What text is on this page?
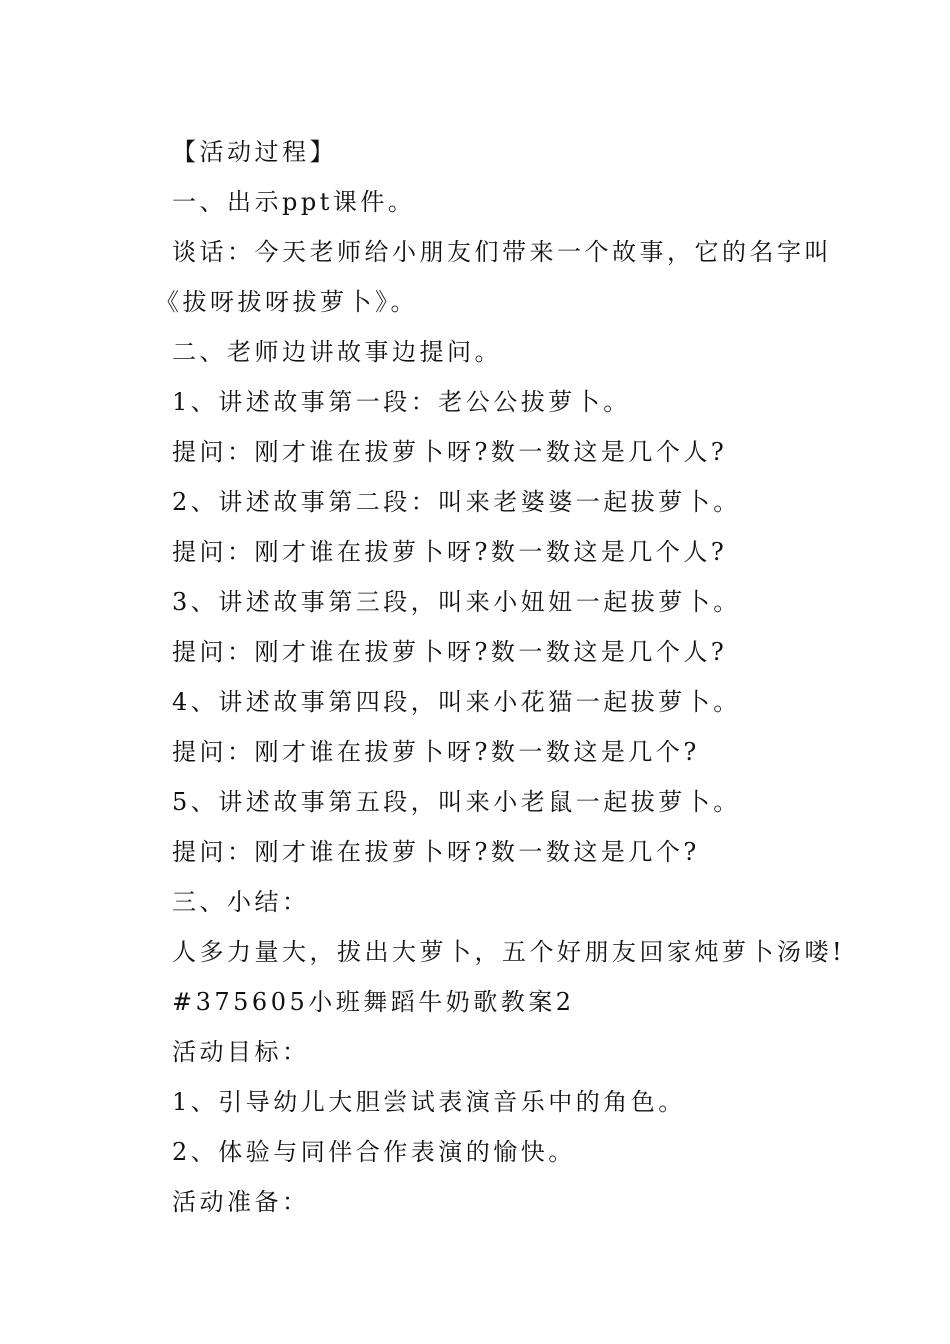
【活动过程】
一、出示ppt课件。
谈话：今天老师给小朋友们带来一个故事，它的名字叫
《拔呀拔呀拔萝卜》。
二、老师边讲故事边提问。
1、讲述故事第一段：老公公拔萝卜。
提问：刚才谁在拔萝卜呀?数一数这是几个人?
2、讲述故事第二段：叫来老婆婆一起拔萝卜。
提问：刚才谁在拔萝卜呀?数一数这是几个人?
3、讲述故事第三段，叫来小妞妞一起拔萝卜。
提问：刚才谁在拔萝卜呀?数一数这是几个人?
4、讲述故事第四段，叫来小花猫一起拔萝卜。
提问：刚才谁在拔萝卜呀?数一数这是几个?
5、讲述故事第五段，叫来小老鼠一起拔萝卜。
提问：刚才谁在拔萝卜呀?数一数这是几个?
三、小结：
人多力量大，拔出大萝卜，五个好朋友回家炖萝卜汤喽!
#375605小班舞蹈牛奶歌教案2
活动目标：
1、引导幼儿大胆尝试表演音乐中的角色。
2、体验与同伴合作表演的愉快。
活动准备：
